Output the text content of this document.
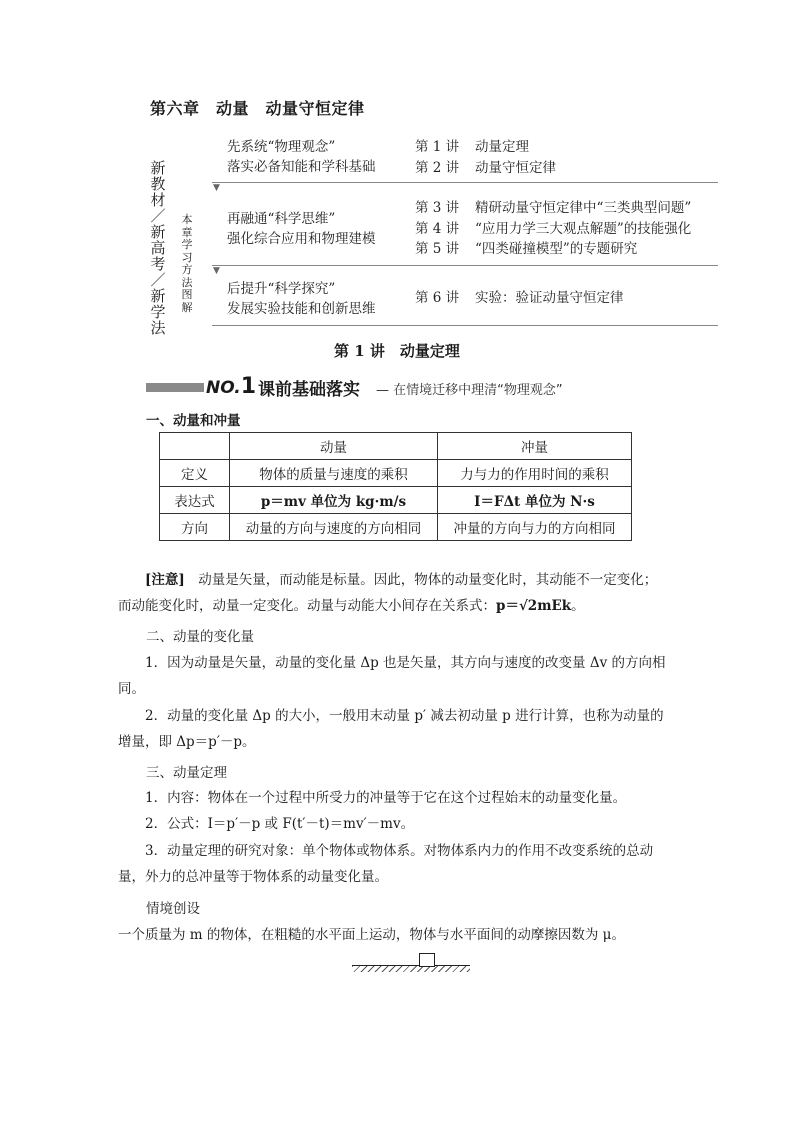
第六章　动量　动量守恒定律
新
教
材
／
新
高
考
／
新
学
法
本
章
学
习
方
法
图
解
先系统“物理观念”
落实必备知能和学科基础
第 1 讲 动量定理
第 2 讲 动量守恒定律
▼
再融通“科学思维”
强化综合应用和物理建模
第 3 讲 精研动量守恒定律中“三类典型问题”
第 4 讲 “应用力学三大观点解题”的技能强化
第 5 讲 “四类碰撞模型”的专题研究
▼
后提升“科学探究”
发展实验技能和创新思维
第 6 讲 实验：验证动量守恒定律
第 1 讲　动量定理
NO.1 课前基础落实 — 在情境迁移中理清“物理观念”
一、动量和冲量
	动量	冲量
定义	物体的质量与速度的乘积	力与力的作用时间的乘积
表达式	p＝mv 单位为 kg·m/s	I＝FΔt 单位为 N·s
方向	动量的方向与速度的方向相同	冲量的方向与力的方向相同
[注意]　 动量是矢量，而动能是标量。因此，物体的动量变化时，其动能不一定变化；
而动能变化时，动量一定变化。动量与动能大小间存在关系式：p＝√2mEk。
二、动量的变化量
1．因为动量是矢量，动量的变化量 Δp 也是矢量，其方向与速度的改变量 Δv 的方向相
同。
2．动量的变化量 Δp 的大小，一般用末动量 p′ 减去初动量 p 进行计算，也称为动量的
增量，即 Δp＝p′－p。
三、动量定理
1．内容：物体在一个过程中所受力的冲量等于它在这个过程始末的动量变化量。
2．公式：I＝p′－p 或 F(t′－t)＝mv′－mv。
3．动量定理的研究对象：单个物体或物体系。对物体系内力的作用不改变系统的总动
量，外力的总冲量等于物体系的动量变化量。
情境创设
一个质量为 m 的物体，在粗糙的水平面上运动，物体与水平面间的动摩擦因数为 μ。
